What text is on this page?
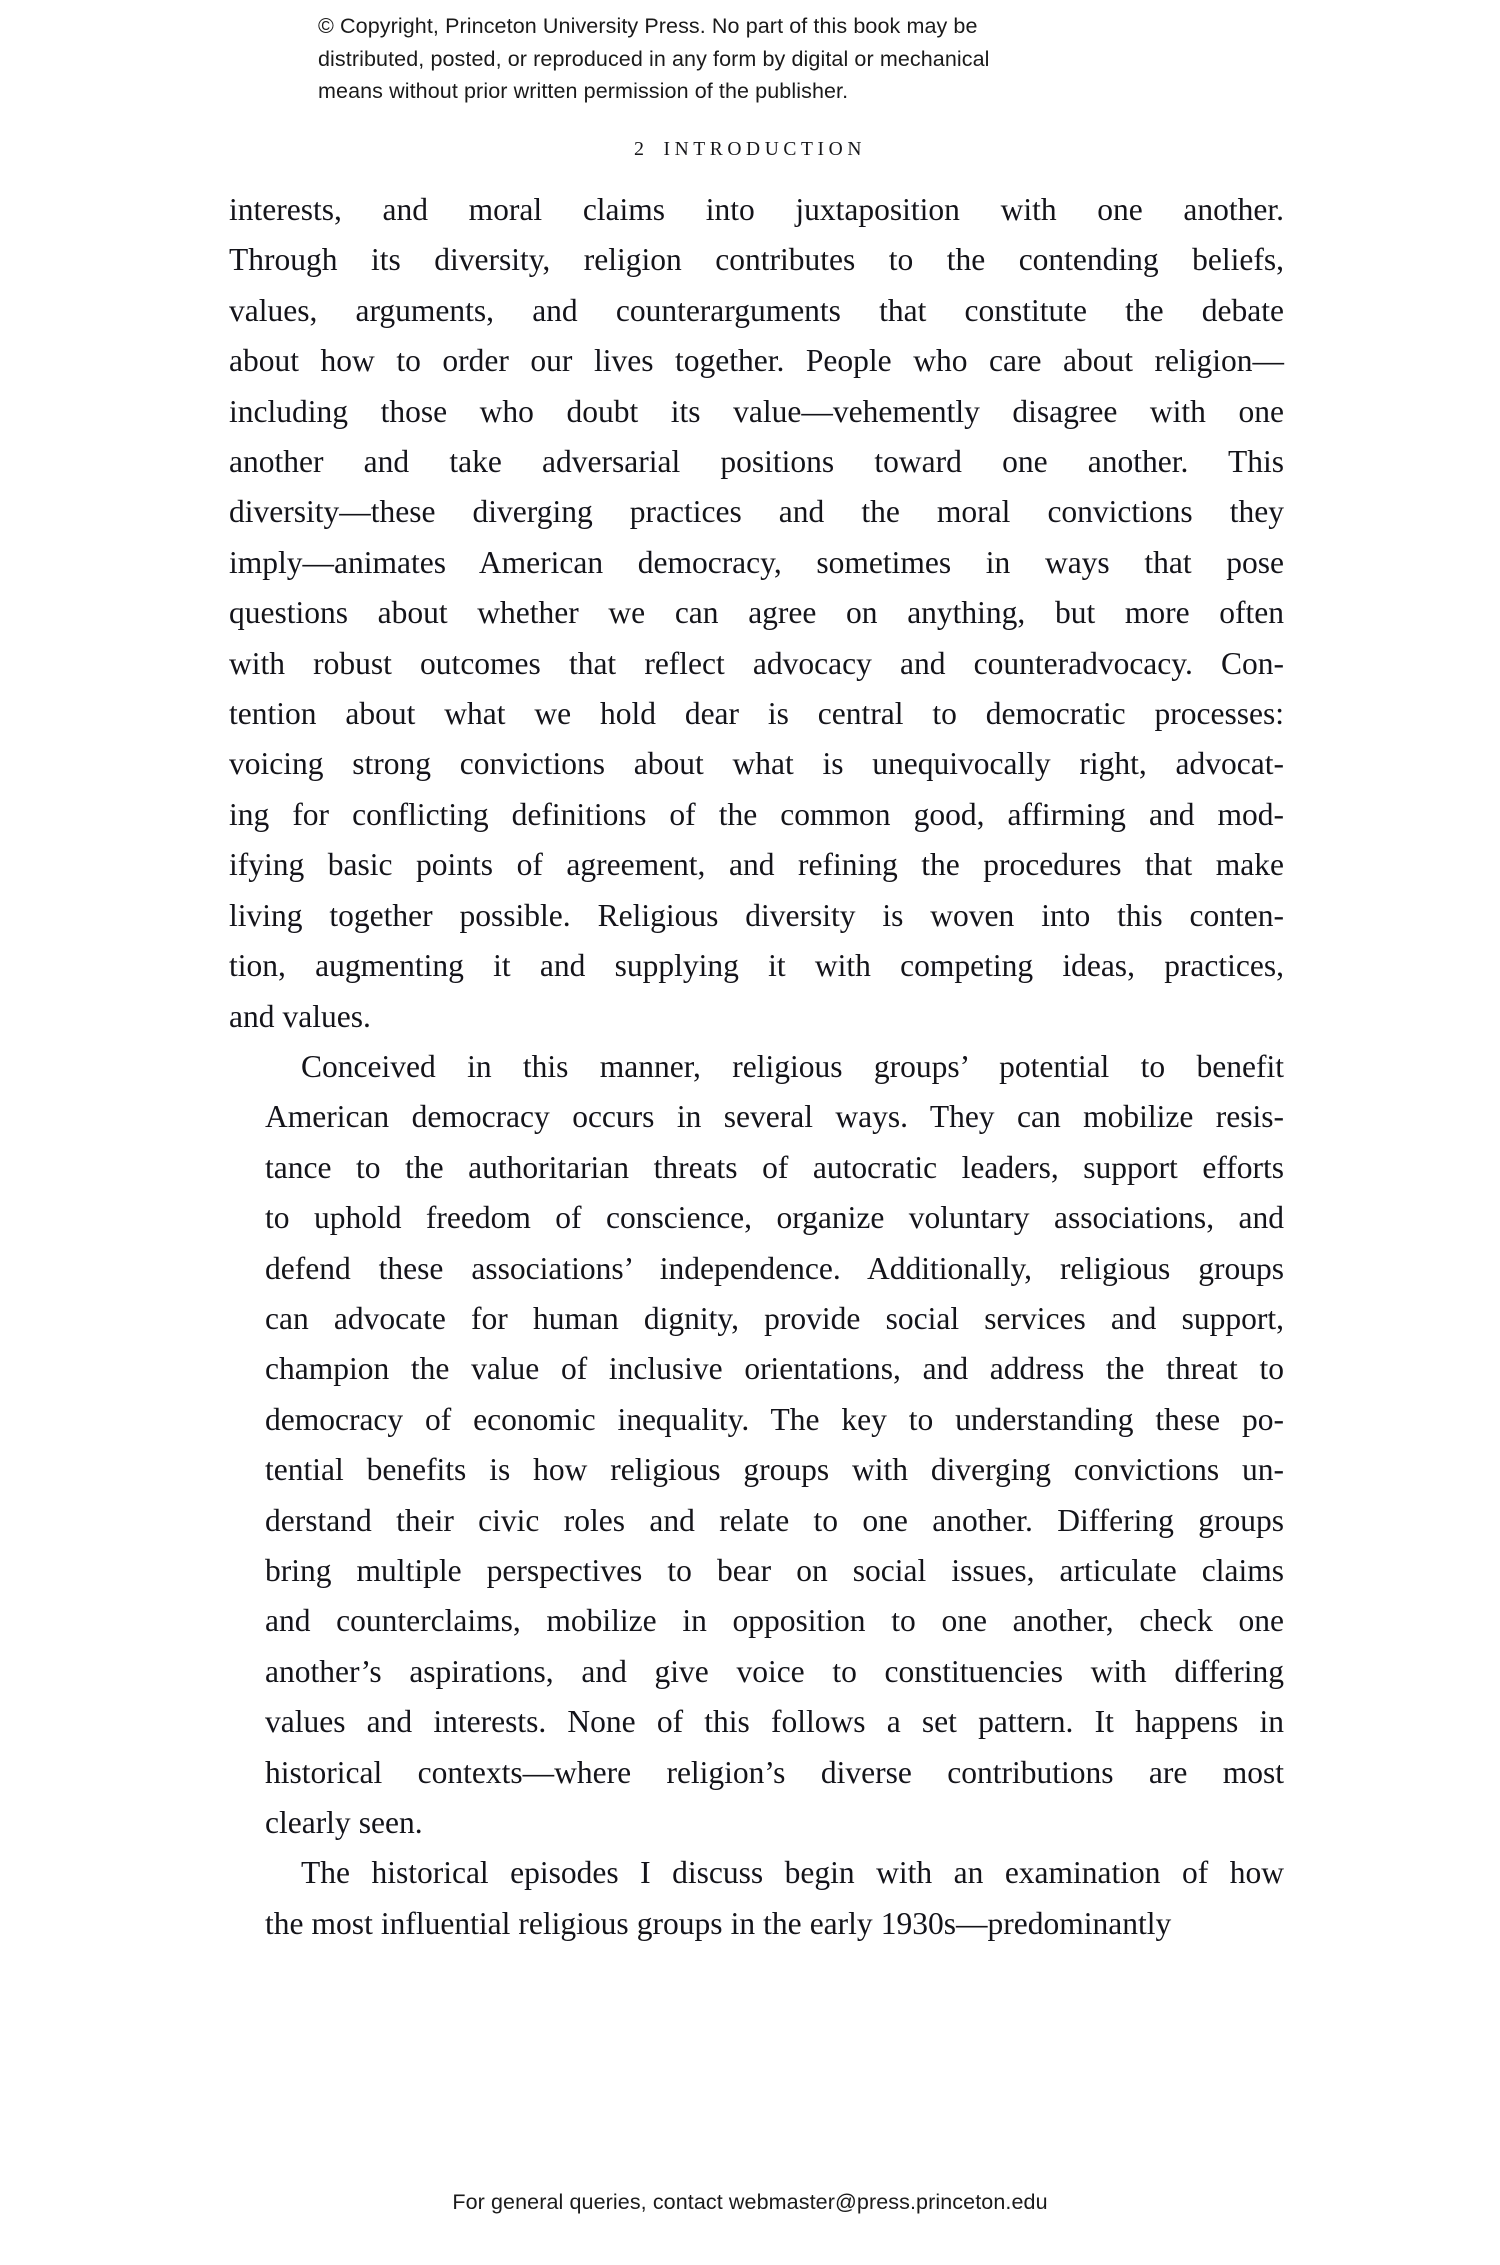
© Copyright, Princeton University Press. No part of this book may be
distributed, posted, or reproduced in any form by digital or mechanical
means without prior written permission of the publisher.
2 INTRODUCTION

interests, and moral claims into juxtaposition with one another.
Through its diversity, religion contributes to the contending beliefs,
values, arguments, and counterarguments that constitute the debate
about how to order our lives together. People who care about religion—
including those who doubt its value—vehemently disagree with one
another and take adversarial positions toward one another. This
diversity—these diverging practices and the moral convictions they
imply—animates American democracy, sometimes in ways that pose
questions about whether we can agree on anything, but more often
with robust outcomes that reflect advocacy and counteradvocacy. Con-
tention about what we hold dear is central to democratic processes:
voicing strong convictions about what is unequivocally right, advocat-
ing for conflicting definitions of the common good, affirming and mod-
ifying basic points of agreement, and refining the procedures that make
living together possible. Religious diversity is woven into this conten-
tion, augmenting it and supplying it with competing ideas, practices,
and values.

Conceived in this manner, religious groups’ potential to benefit
American democracy occurs in several ways. They can mobilize resis-
tance to the authoritarian threats of autocratic leaders, support efforts
to uphold freedom of conscience, organize voluntary associations, and
defend these associations’ independence. Additionally, religious groups
can advocate for human dignity, provide social services and support,
champion the value of inclusive orientations, and address the threat to
democracy of economic inequality. The key to understanding these po-
tential benefits is how religious groups with diverging convictions un-
derstand their civic roles and relate to one another. Differing groups
bring multiple perspectives to bear on social issues, articulate claims
and counterclaims, mobilize in opposition to one another, check one
another’s aspirations, and give voice to constituencies with differing
values and interests. None of this follows a set pattern. It happens in
historical contexts—where religion’s diverse contributions are most
clearly seen.

The historical episodes I discuss begin with an examination of how
the most influential religious groups in the early 1930s—predominantly

For general queries, contact webmaster@press.princeton.edu
